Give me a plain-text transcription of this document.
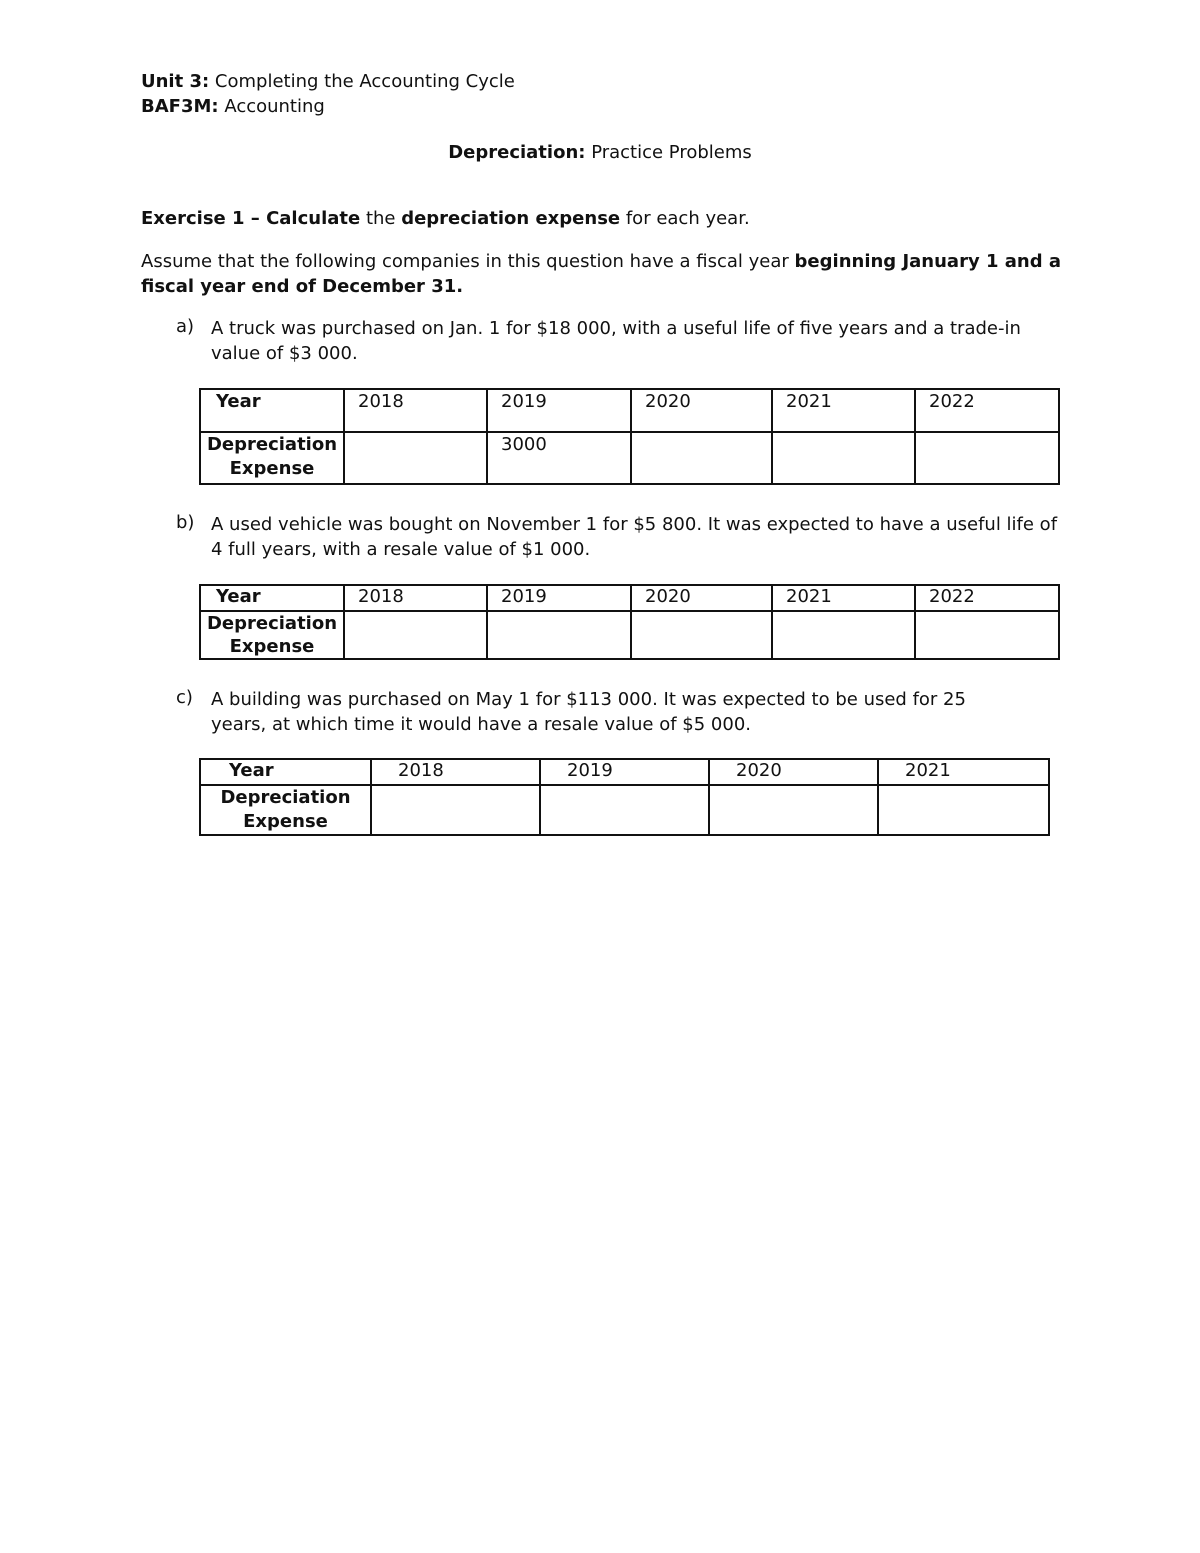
Unit 3: Completing the Accounting Cycle
BAF3M: Accounting
Depreciation: Practice Problems
Exercise 1 – Calculate the depreciation expense for each year.
Assume that the following companies in this question have a fiscal year beginning January 1 and a fiscal year end of December 31.
a) A truck was purchased on Jan. 1 for $18 000, with a useful life of five years and a trade-in value of $3 000.
Year	2018	2019	2020	2021	2022

Depreciation
Expense		3000			
b) A used vehicle was bought on November 1 for $5 800. It was expected to have a useful life of 4 full years, with a resale value of $1 000.
Year	2018	2019	2020	2021	2022

Depreciation
Expense					

c) A building was purchased on May 1 for $113 000. It was expected to be used for 25 years, at which time it would have a resale value of $5 000.
Year	2018	2019	2020	2021

Depreciation
Expense				
